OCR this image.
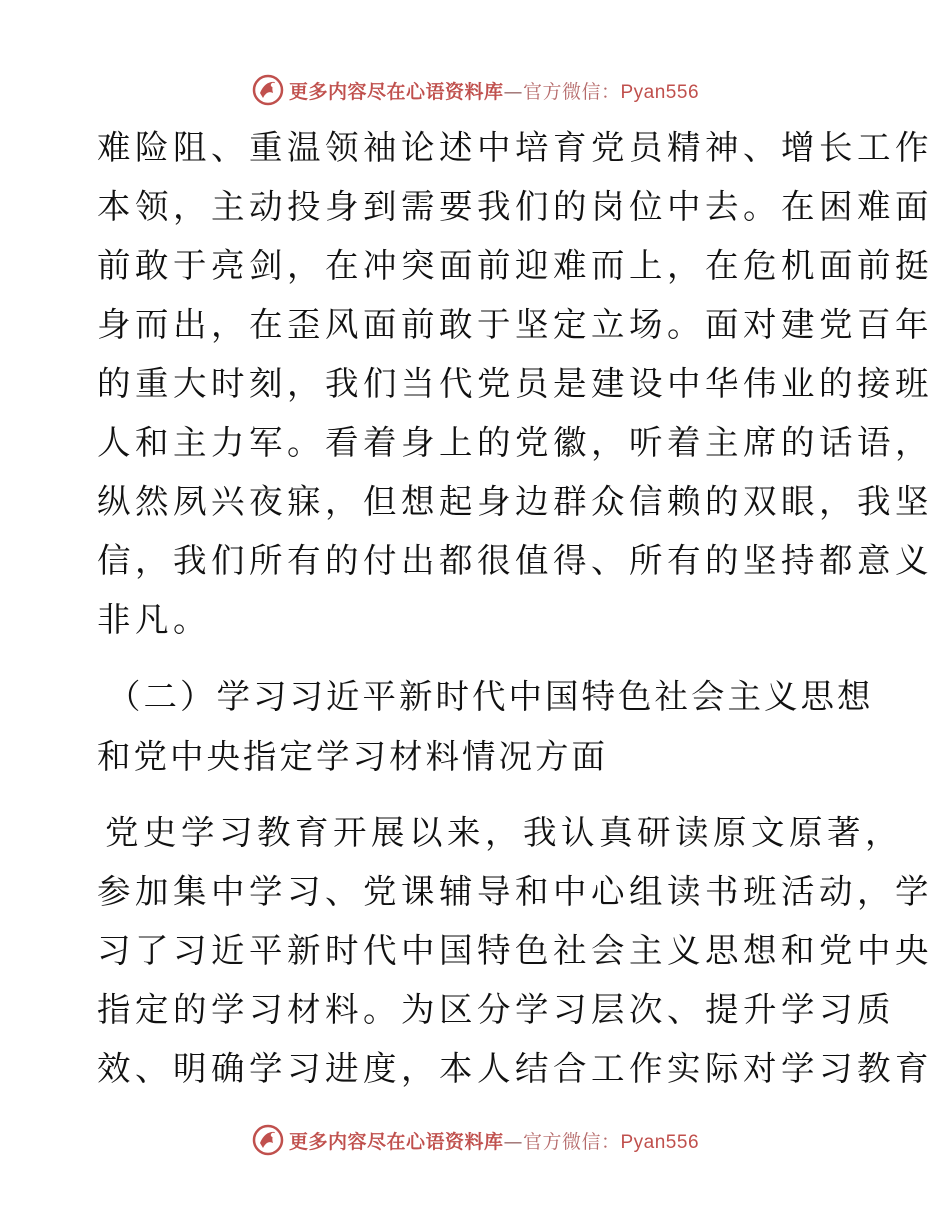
更多内容尽在心语资料库—官方微信：Pyan556

难险阻、重温领袖论述中培育党员精神、增长工作
本领，主动投身到需要我们的岗位中去。在困难面
前敢于亮剑，在冲突面前迎难而上，在危机面前挺
身而出，在歪风面前敢于坚定立场。面对建党百年
的重大时刻，我们当代党员是建设中华伟业的接班
人和主力军。看着身上的党徽，听着主席的话语，
纵然夙兴夜寐，但想起身边群众信赖的双眼，我坚
信，我们所有的付出都很值得、所有的坚持都意义
非凡。

（二）学习习近平新时代中国特色社会主义思想
和党中央指定学习材料情况方面

党史学习教育开展以来，我认真研读原文原著，
参加集中学习、党课辅导和中心组读书班活动，学
习了习近平新时代中国特色社会主义思想和党中央
指定的学习材料。为区分学习层次、提升学习质
效、明确学习进度，本人结合工作实际对学习教育

更多内容尽在心语资料库—官方微信：Pyan556
